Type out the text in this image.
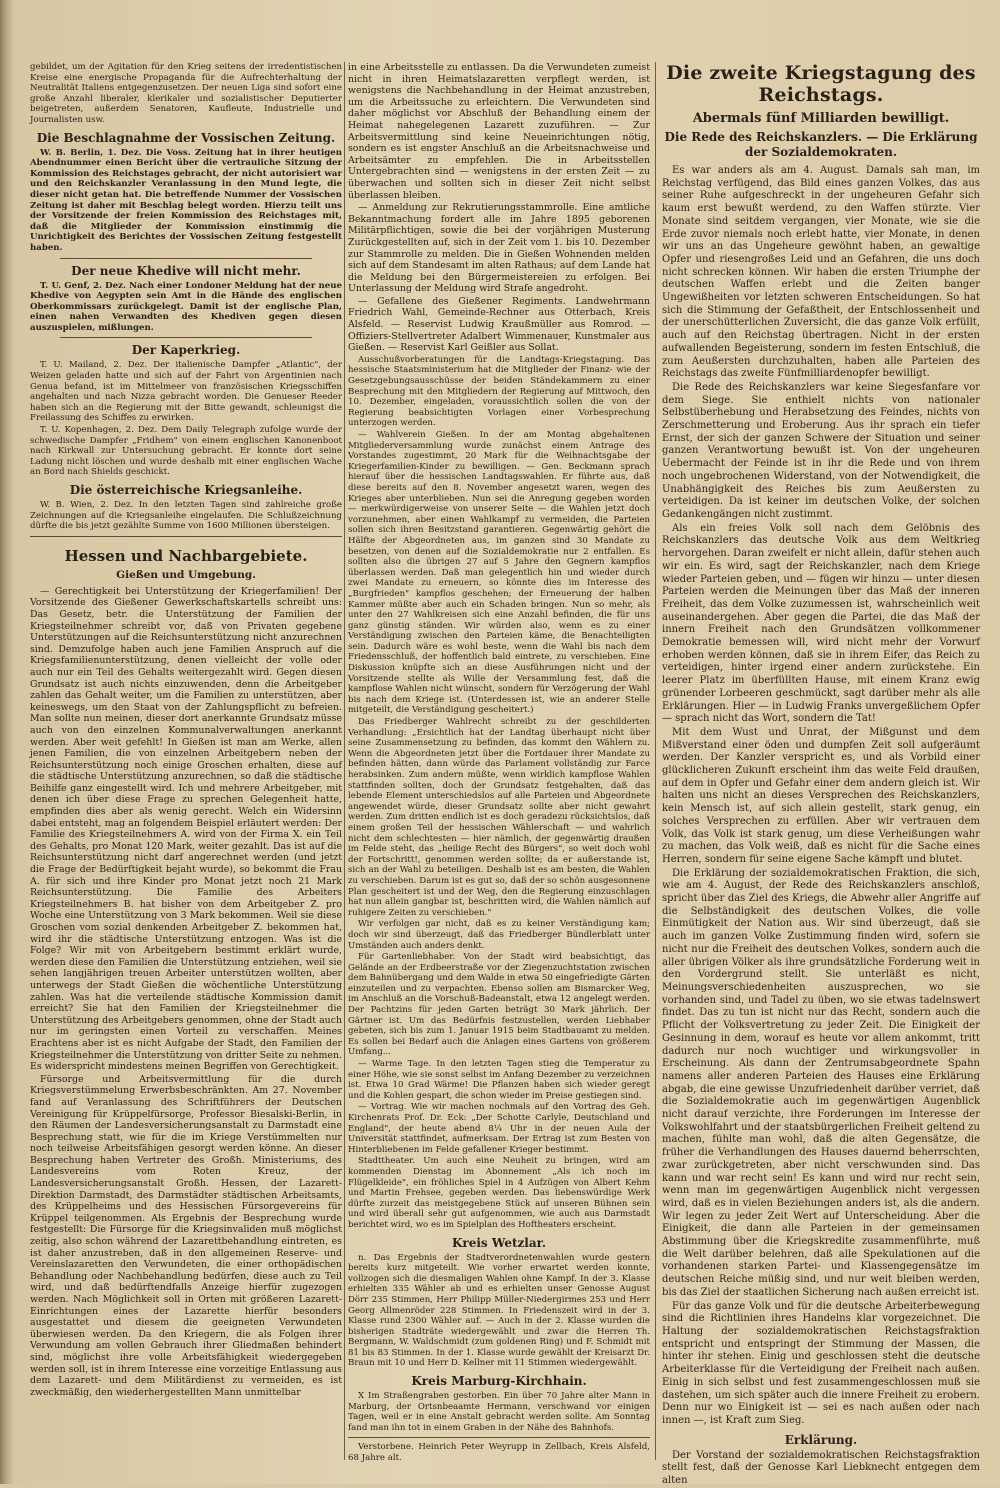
gebildet, um der Agitation für den Krieg seitens der irredentistischen Kreise eine energische Propaganda für die Aufrechterhaltung der Neutralität Italiens entgegenzusetzen. Der neuen Liga sind sofort eine große Anzahl liberaler, klerikaler und sozialistischer Deputierter beigetreten, außerdem Senatoren, Kaufleute, Industrielle und Journalisten usw.

Die Beschlagnahme der Vossischen Zeitung.

W. B. Berlin, 1. Dez. Die Voss. Zeitung hat in ihrer heutigen Abendnummer einen Bericht über die vertrauliche Sitzung der Kommission des Reichstages gebracht, der nicht autorisiert war und den Reichskanzler Veranlassung in den Mund legte, die dieser nicht getan hat. Die betreffende Nummer der Vossischen Zeitung ist daher mit Beschlag belegt worden. Hierzu teilt uns der Vorsitzende der freien Kommission des Reichstages mit, daß die Mitglieder der Kommission einstimmig die Unrichtigkeit des Berichtes der Vossischen Zeitung festgestellt haben.

Der neue Khedive will nicht mehr.

T. U. Genf, 2. Dez. Nach einer Londoner Meldung hat der neue Khedive von Aegypten sein Amt in die Hände des englischen Oberkommissars zurückgelegt. Damit ist der englische Plan, einen nahen Verwandten des Khediven gegen diesen auszuspielen, mißlungen.

Der Kaperkrieg.

T. U. Mailand, 2. Dez. Der italienische Dampfer „Atlantic", der Weizen geladen hatte und sich auf der Fahrt von Argentinien nach Genua befand, ist im Mittelmeer von französischen Kriegsschiffen angehalten und nach Nizza gebracht worden. Die Genueser Reeder haben sich an die Regierung mit der Bitte gewandt, schleunigst die Freilassung des Schiffes zu erwirken.

T. U. Kopenhagen, 2. Dez. Dem Daily Telegraph zufolge wurde der schwedische Dampfer „Fridhem" von einem englischen Kanonenboot nach Kirkwall zur Untersuchung gebracht. Er konnte dort seine Ladung nicht löschen und wurde deshalb mit einer englischen Wache an Bord nach Shields geschickt.

Die österreichische Kriegsanleihe.

W. B. Wien, 2. Dez. In den letzten Tagen sind zahlreiche große Zeichnungen auf die Kriegsanleihe eingelaufen. Die Schlußzeichnung dürfte die bis jetzt gezählte Summe von 1600 Millionen übersteigen.

Hessen und Nachbargebiete.
Gießen und Umgebung.

— Gerechtigkeit bei Unterstützung der Kriegerfamilien! Der Vorsitzende des Gießener Gewerkschaftskartells schreibt uns: Das Gesetz, betr. die Unterstützung der Familien der Kriegsteilnehmer schreibt vor, daß von Privaten gegebene Unterstützungen auf die Reichsunterstützung nicht anzurechnen sind. Demzufolge haben auch jene Familien Anspruch auf die Kriegsfamilienunterstützung, denen vielleicht der volle oder auch nur ein Teil des Gehalts weitergezahlt wird. Gegen diesen Grundsatz ist auch nichts einzuwenden, denn die Arbeitgeber zahlen das Gehalt weiter, um die Familien zu unterstützen, aber keineswegs, um den Staat von der Zahlungspflicht zu befreien. Man sollte nun meinen, dieser dort anerkannte Grundsatz müsse auch von den einzelnen Kommunalverwaltungen anerkannt werden. Aber weit gefehlt! In Gießen ist man am Werke, allen jenen Familien, die von einzelnen Arbeitgebern neben der Reichsunterstützung noch einige Groschen erhalten, diese auf die städtische Unterstützung anzurechnen, so daß die städtische Beihilfe ganz eingestellt wird. Ich und mehrere Arbeitgeber, mit denen ich über diese Frage zu sprechen Gelegenheit hatte, empfinden dies aber als wenig gerecht. Welch ein Widersinn dabei entsteht, mag an folgendem Beispiel erläutert werden: Der Familie des Kriegsteilnehmers A. wird von der Firma X. ein Teil des Gehalts, pro Monat 120 Mark, weiter gezahlt. Das ist auf die Reichsunterstützung nicht darf angerechnet werden (und jetzt die Frage der Bedürftigkeit bejaht wurde), so bekommt die Frau A. für sich und ihre Kinder pro Monat jetzt noch 21 Mark Reichsunterstützung. Die Familie des Arbeiters Kriegsteilnehmers B. hat bisher von dem Arbeitgeber Z. pro Woche eine Unterstützung von 3 Mark bekommen. Weil sie diese Groschen vom sozial denkenden Arbeitgeber Z. bekommen hat, wird ihr die städtische Unterstützung entzogen. Was ist die Folge? Wir mit von Arbeitgebern bestimmt erklärt wurde, werden diese den Familien die Unterstützung entziehen, weil sie sehen langjährigen treuen Arbeiter unterstützen wollten, aber unterwegs der Stadt Gießen die wöchentliche Unterstützung zahlen. Was hat die verteilende städtische Kommission damit erreicht? Sie hat den Familien der Kriegsteilnehmer die Unterstützung des Arbeitgebers genommen, ohne der Stadt auch nur im geringsten einen Vorteil zu verschaffen. Meines Erachtens aber ist es nicht Aufgabe der Stadt, den Familien der Kriegsteilnehmer die Unterstützung von dritter Seite zu nehmen. Es widerspricht mindestens meinen Begriffen von Gerechtigkeit.

Fürsorge und Arbeitsvermittlung für die durch Kriegsverstümmelung Erwerbsbeschränkten. Am 27. November fand auf Veranlassung des Schriftführers der Deutschen Vereinigung für Krüppelfürsorge, Professor Biesalski-Berlin, in den Räumen der Landesversicherungsanstalt zu Darmstadt eine Besprechung statt, wie für die im Kriege Verstümmelten nur noch teilweise Arbeitsfähigen gesorgt werden könne. An dieser Besprechung haben Vertreter des Großh. Ministeriums, des Landesvereins vom Roten Kreuz, der Landesversicherungsanstalt Großh. Hessen, der Lazarett-Direktion Darmstadt, des Darmstädter städtischen Arbeitsamts, des Krüppelheims und des Hessischen Fürsorgevereins für Krüppel teilgenommen. Als Ergebnis der Besprechung wurde festgestellt: Die Fürsorge für die Kriegsinvaliden muß möglichst zeitig, also schon während der Lazarettbehandlung eintreten, es ist daher anzustreben, daß in den allgemeinen Reserve- und Vereinslazaretten den Verwundeten, die einer orthopädischen Behandlung oder Nachbehandlung bedürfen, diese auch zu Teil wird, und daß bedürftendfalls Anzeige hierfür zugezogen werden. Nach Möglichkeit soll in Orten mit größeren Lazarett-Einrichtungen eines der Lazarette hierfür besonders ausgestattet und diesem die geeigneten Verwundeten überwiesen werden. Da den Kriegern, die als Folgen ihrer Verwundung am vollen Gebrauch ihrer Gliedmaßen behindert sind, möglichst ihre volle Arbeitsfähigkeit wiedergegeben werden soll, ist in ihrem Interesse eine vorzeitige Entlassung aus dem Lazarett- und dem Militärdienst zu vermeiden, es ist zweckmäßig, den wiederhergestellten Mann unmittelbar

in eine Arbeitsstelle zu entlassen. Da die Verwundeten zumeist nicht in ihren Heimatslazaretten verpflegt werden, ist wenigstens die Nachbehandlung in der Heimat anzustreben, um die Arbeitssuche zu erleichtern. Die Verwundeten sind daher möglichst vor Abschluß der Behandlung einem der Heimat nahegelegenen Lazarett zuzuführen. — Zur Arbeitsvermittlung sind keine Neueinrichtungen nötig, sondern es ist engster Anschluß an die Arbeitsnachweise und Arbeitsämter zu empfehlen. Die in Arbeitsstellen Untergebrachten sind — wenigstens in der ersten Zeit — zu überwachen und sollten sich in dieser Zeit nicht selbst überlassen bleiben.

— Anmeldung zur Rekrutierungsstammrolle. Eine amtliche Bekanntmachung fordert alle im Jahre 1895 geborenen Militärpflichtigen, sowie die bei der vorjährigen Musterung Zurückgestellten auf, sich in der Zeit vom 1. bis 10. Dezember zur Stammrolle zu melden. Die in Gießen Wohnenden melden sich auf dem Standesamt im alten Rathaus; auf dem Lande hat die Meldung bei den Bürgermeistereien zu erfolgen. Bei Unterlassung der Meldung wird Strafe angedroht.

— Gefallene des Gießener Regiments. Landwehrmann Friedrich Wahl, Gemeinde-Rechner aus Otterbach, Kreis Alsfeld. — Reservist Ludwig Kraußmüller aus Romrod. — Offiziers-Stellvertreter Adalbert Wimmenauer, Kunstmaler aus Gießen. — Reservist Karl Geißler aus Sollat.

Ausschußvorberatungen für die Landtags-Kriegstagung. Das hessische Staatsministerium hat die Mitglieder der Finanz- wie der Gesetzgebungsausschüsse der beiden Ständekammern zu einer Besprechung mit den Mitgliedern der Regierung auf Mittwoch, den 10. Dezember, eingeladen, voraussichtlich sollen die von der Regierung beabsichtigten Vorlagen einer Vorbesprechung unterzogen werden.

— Wahlverein Gießen. In der am Montag abgehaltenen Mitgliederversammlung wurde zunächst einem Antrage des Vorstandes zugestimmt, 20 Mark für die Weihnachtsgabe der Kriegerfamilien-Kinder zu bewilligen. — Gen. Beckmann sprach hierauf über die hessischen Landtagswahlen. Er führte aus, daß diese bereits auf den 8. November angesetzt waren, wegen des Krieges aber unterblieben. Nun sei die Anregung gegeben worden — merkwürdigerweise von unserer Seite — die Wahlen jetzt doch vorzunehmen, aber einen Wahlkampf zu vermeiden, die Parteien sollen sich ihren Besitzstand garantieren. Gegenwärtig gehört die Hälfte der Abgeordneten aus, im ganzen sind 30 Mandate zu besetzen, von denen auf die Sozialdemokratie nur 2 entfallen. Es sollten also die übrigen 27 auf 5 Jahre den Gegnern kampflos überlassen werden. Daß man gelegentlich hin und wieder durch zwei Mandate zu erneuern, so könnte dies im Interesse des „Burgfrieden" kampflos geschehen; der Erneuerung der halben Kammer müßte aber auch ein Schaden bringen. Nun so mehr, als unter den 27 Wahlkreisen sich eine Anzahl befinden, die für uns ganz günstig ständen. Wir würden also, wenn es zu einer Verständigung zwischen den Parteien käme, die Benachteiligten sein. Dadurch wäre es wohl beste, wenn die Wahl bis nach dem Friedensschluß, der hoffentlich bald eintrete, zu verschieben. Eine Diskussion knüpfte sich an diese Ausführungen nicht und der Vorsitzende stellte als Wille der Versammlung fest, daß die kampflose Wahlen nicht wünscht, sondern für Verzögerung der Wahl bis nach dem Kriege ist. (Unterdessen ist, wie an anderer Stelle mitgeteilt, die Verständigung gescheitert.)

Das Friedberger Wahlrecht schreibt zu der geschilderten Verhandlung: „Ersichtlich hat der Landtag überhaupt nicht über seine Zusammensetzung zu befinden, das kommt den Wählern zu. Wenn die Abgeordneten jetzt über die Fortdauer ihrer Mandate zu befinden hätten, dann würde das Parlament vollständig zur Farce herabsinken. Zum andern müßte, wenn wirklich kampflose Wahlen stattfinden sollten, doch der Grundsatz festgehalten, daß das lebende Element unterschiedslos auf alle Parteien und Abgeordnete angewendet würde, dieser Grundsatz sollte aber nicht gewahrt werden. Zum dritten endlich ist es doch geradezu rücksichtslos, daß einem großen Teil der hessischen Wählerschaft — und wahrlich nicht dem schlechtesten — hier nämlich, der gegenwärtig draußen im Felde steht, das „heilige Recht des Bürgers", so weit doch wohl der Fortschritt!, genommen werden sollte; da er außerstande ist, sich an der Wahl zu beteiligen. Deshalb ist es am besten, die Wahlen zu verschieben. Darum ist es gut so, daß der so schön ausgesonnene Plan gescheitert ist und der Weg, den die Regierung einzuschlagen hat nun allein gangbar ist, beschritten wird, die Wahlen nämlich auf ruhigere Zeiten zu verschieben."

Wir verfolgen gar nicht, daß es zu keiner Verständigung kam; doch wir sind überzeugt, daß das Friedberger Bündlerblatt unter Umständen auch anders denkt.

Für Gartenliebhaber. Von der Stadt wird beabsichtigt, das Gelände an der Erdbeerstraße vor der Ziegenzuchtstation zwischen dem Bahnübergang und dem Walde in etwa 50 eingefriedigte Gärten einzuteilen und zu verpachten. Ebenso sollen am Bismarcker Weg, im Anschluß an die Vorschuß-Badeanstalt, etwa 12 angelegt werden. Der Pachtzins für jeden Garten beträgt 30 Mark jährlich. Der Gärtner ist. Um das Bedürfnis festzustellen, werden Liebhaber gebeten, sich bis zum 1. Januar 1915 beim Stadtbauamt zu melden. Es sollen bei Bedarf auch die Anlagen eines Gartens von größerem Umfang...

— Warme Tage. In den letzten Tagen stieg die Temperatur zu einer Höhe, wie sie sonst selbst im Anfang Dezember zu verzeichnen ist. Etwa 10 Grad Wärme! Die Pflanzen haben sich wieder geregt und die Kohlen gespart, die schon wieder im Preise gestiegen sind.

— Vortrag. Wie wir machen nochmals auf den Vortrag des Geh. Kirchenrats Prof. Dr. Eck: „Der Schotte Carlyle, Deutschland und England", der heute abend 8¼ Uhr in der neuen Aula der Universität stattfindet, aufmerksam. Der Ertrag ist zum Besten von Hinterbliebenen im Felde gefallener Krieger bestimmt.

Stadttheater. Um auch eine Neuheit zu bringen, wird am kommenden Dienstag im Abonnement „Als ich noch im Flügelkleide", ein fröhliches Spiel in 4 Aufzügen von Albert Kehm und Martin Frehsee, gegeben werden. Das liebenswürdige Werk dürfte zurzeit das meistgegebene Stück auf unseren Bühnen sein und wird überall sehr gut aufgenommen, wie auch aus Darmstadt berichtet wird, wo es im Spielplan des Hoftheaters erscheint.

Kreis Wetzlar.

n. Das Ergebnis der Stadtverordnetenwahlen wurde gestern bereits kurz mitgeteilt. Wie vorher erwartet werden konnte, vollzogen sich die diesmaligen Wahlen ohne Kampf. In der 3. Klasse erhielten 335 Wähler ab und es erhielten unser Genosse August Dörr 235 Stimmen, Herr Philipp Müller-Niedergirmes 253 und Herr Georg Allmenröder 228 Stimmen. In Friedenszeit wird in der 3. Klasse rund 2300 Wähler auf. — Auch in der 2. Klasse wurden die bisherigen Stadträte wiedergewählt und zwar die Herren Th. Bergmann, W. Waldschmidt (zum goldenen Ring) und F. Schmidt mit 81 bis 83 Stimmen. In der 1. Klasse wurde gewählt der Kreisarzt Dr. Braun mit 10 und Herr D. Kellner mit 11 Stimmen wiedergewählt.

Kreis Marburg-Kirchhain.

X Im Straßengraben gestorben. Ein über 70 Jahre alter Mann in Marburg, der Ortsnbeaamte Hermann, verschwand vor einigen Tagen, weil er in eine Anstalt gebracht werden sollte. Am Sonntag fand man ihn tot in einem Graben in der Nähe des Bahnhofs.

Verstorbene. Heinrich Peter Weyrupp in Zellbach, Kreis Alsfeld, 68 Jahre alt.

Die zweite Kriegstagung des Reichstags.
Abermals fünf Milliarden bewilligt.
Die Rede des Reichskanzlers. — Die Erklärung der Sozialdemokraten.

Es war anders als am 4. August. Damals sah man, im Reichstag verfügend, das Bild eines ganzen Volkes, das aus seiner Ruhe aufgeschreckt in der ungeheuren Gefahr sich kaum erst bewußt werdend, zu den Waffen stürzte. Vier Monate sind seitdem vergangen, vier Monate, wie sie die Erde zuvor niemals noch erlebt hatte, vier Monate, in denen wir uns an das Ungeheure gewöhnt haben, an gewaltige Opfer und riesengroßes Leid und an Gefahren, die uns doch nicht schrecken können. Wir haben die ersten Triumphe der deutschen Waffen erlebt und die Zeiten banger Ungewißheiten vor letzten schweren Entscheidungen. So hat sich die Stimmung der Gefaßtheit, der Entschlossenheit und der unerschütterlichen Zuversicht, die das ganze Volk erfüllt, auch auf den Reichstag übertragen. Nicht in der ersten aufwallenden Begeisterung, sondern im festen Entschluß, die zum Aeußersten durchzuhalten, haben alle Parteien des Reichstags das zweite Fünfmilliardenopfer bewilligt.

Die Rede des Reichskanzlers war keine Siegesfanfare vor dem Siege. Sie enthielt nichts von nationaler Selbstüberhebung und Herabsetzung des Feindes, nichts von Zerschmetterung und Eroberung. Aus ihr sprach ein tiefer Ernst, der sich der ganzen Schwere der Situation und seiner ganzen Verantwortung bewußt ist. Von der ungeheuren Uebermacht der Feinde ist in ihr die Rede und von ihrem noch ungebrochenen Widerstand, von der Notwendigkeit, die Unabhängigkeit des Reiches bis zum Aeußersten zu verteidigen. Da ist keiner im deutschen Volke, der solchen Gedankengängen nicht zustimmt.

Als ein freies Volk soll nach dem Gelöbnis des Reichskanzlers das deutsche Volk aus dem Weltkrieg hervorgehen. Daran zweifelt er nicht allein, dafür stehen auch wir ein. Es wird, sagt der Reichskanzler, nach dem Kriege wieder Parteien geben, und — fügen wir hinzu — unter diesen Parteien werden die Meinungen über das Maß der inneren Freiheit, das dem Volke zuzumessen ist, wahrscheinlich weit auseinandergehen. Aber gegen die Partei, die das Maß der innern Freiheit nach den Grundsätzen vollkommener Demokratie bemessen will, wird nicht mehr der Vorwurf erhoben werden können, daß sie in ihrem Eifer, das Reich zu verteidigen, hinter irgend einer andern zurückstehe. Ein leerer Platz im überfüllten Hause, mit einem Kranz ewig grünender Lorbeeren geschmückt, sagt darüber mehr als alle Erklärungen. Hier — in Ludwig Franks unvergeßlichem Opfer — sprach nicht das Wort, sondern die Tat!

Mit dem Wust und Unrat, der Mißgunst und dem Mißverstand einer öden und dumpfen Zeit soll aufgeräumt werden. Der Kanzler verspricht es, und als Vorbild einer glücklicheren Zukunft erscheint ihm das weite Feld draußen, auf dem in Opfer und Gefahr einer dem andern gleich ist. Wir halten uns nicht an dieses Versprechen des Reichskanzlers, kein Mensch ist, auf sich allein gestellt, stark genug, ein solches Versprechen zu erfüllen. Aber wir vertrauen dem Volk, das Volk ist stark genug, um diese Verheißungen wahr zu machen, das Volk weiß, daß es nicht für die Sache eines Herren, sondern für seine eigene Sache kämpft und blutet.

Die Erklärung der sozialdemokratischen Fraktion, die sich, wie am 4. August, der Rede des Reichskanzlers anschloß, spricht über das Ziel des Kriegs, die Abwehr aller Angriffe auf die Selbständigkeit des deutschen Volkes, die volle Einmütigkeit der Nation aus. Wir sind überzeugt, daß sie auch im ganzen Volke Zustimmung finden wird, sofern sie nicht nur die Freiheit des deutschen Volkes, sondern auch die aller übrigen Völker als ihre grundsätzliche Forderung weit in den Vordergrund stellt. Sie unterläßt es nicht, Meinungsverschiedenheiten auszusprechen, wo sie vorhanden sind, und Tadel zu üben, wo sie etwas tadelnswert findet. Das zu tun ist nicht nur das Recht, sondern auch die Pflicht der Volksvertretung zu jeder Zeit. Die Einigkeit der Gesinnung in dem, worauf es heute vor allem ankommt, tritt dadurch nur noch wuchtiger und wirkungsvoller in Erscheinung. Als dann der Zentrumsabgeordnete Spahn namens aller anderen Parteien des Hauses eine Erklärung abgab, die eine gewisse Unzufriedenheit darüber verriet, daß die Sozialdemokratie auch im gegenwärtigen Augenblick nicht darauf verzichte, ihre Forderungen im Interesse der Volkswohlfahrt und der staatsbürgerlichen Freiheit geltend zu machen, fühlte man wohl, daß die alten Gegensätze, die früher die Verhandlungen des Hauses dauernd beherrschten, zwar zurückgetreten, aber nicht verschwunden sind. Das kann und war recht sein! Es kann und wird nur recht sein, wenn man im gegenwärtigen Augenblick nicht vergessen wird, daß es in vielen Beziehungen anders ist, als die andern. Wir legen zu jeder Zeit Wert auf Unterscheidung. Aber die Einigkeit, die dann alle Parteien in der gemeinsamen Abstimmung über die Kriegskredite zusammenführte, muß die Welt darüber belehren, daß alle Spekulationen auf die vorhandenen starken Partei- und Klassengegensätze im deutschen Reiche müßig sind, und nur weit bleiben werden, bis das Ziel der staatlichen Sicherung nach außen erreicht ist.

Für das ganze Volk und für die deutsche Arbeiterbewegung sind die Richtlinien ihres Handelns klar vorgezeichnet. Die Haltung der sozialdemokratischen Reichstagsfraktion entspricht und entspringt der Stimmung der Massen, die hinter ihr stehen. Einig und geschlossen steht die deutsche Arbeiterklasse für die Verteidigung der Freiheit nach außen. Einig in sich selbst und fest zusammengeschlossen muß sie dastehen, um sich später auch die innere Freiheit zu erobern. Denn nur wo Einigkeit ist — sei es nach außen oder nach innen —, ist Kraft zum Sieg.

Erklärung.

Der Vorstand der sozialdemokratischen Reichstagsfraktion stellt fest, daß der Genosse Karl Liebknecht entgegen dem alten
